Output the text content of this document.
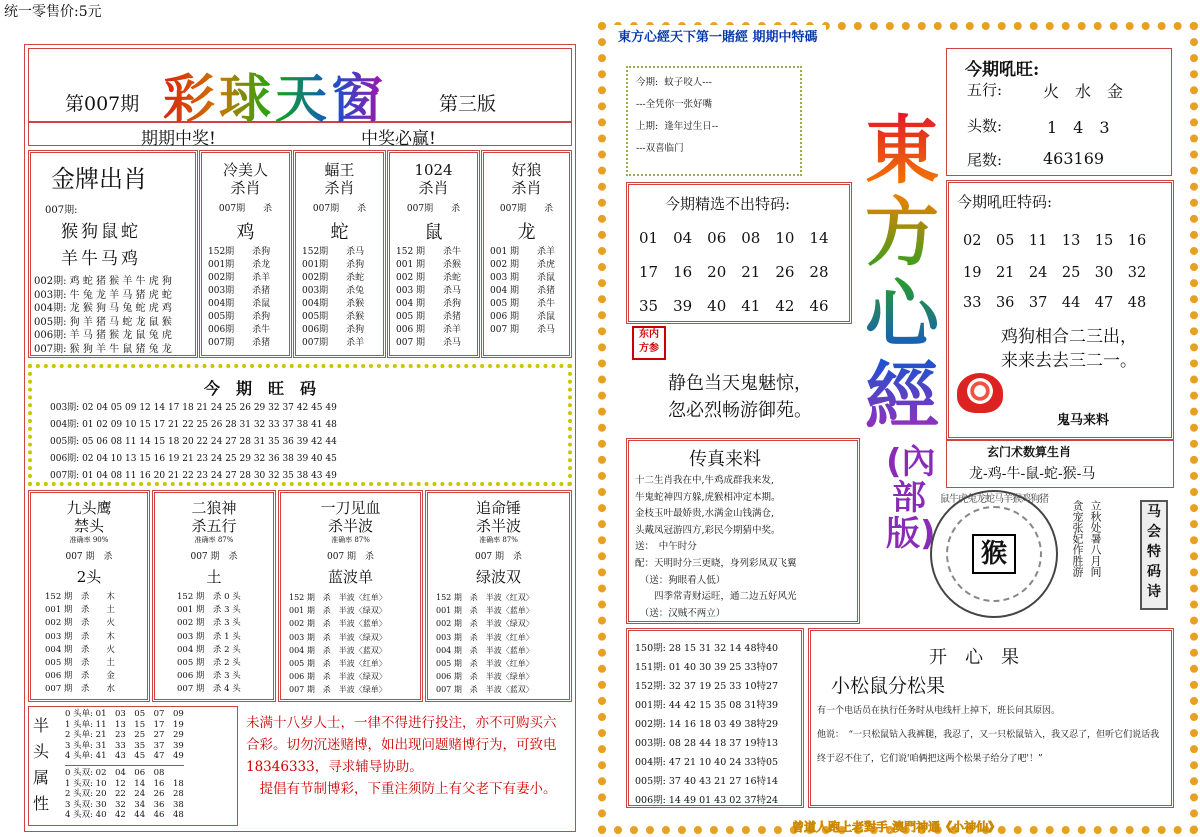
统一零售价:5元
第007期 彩球天窗	第三版
期期中奖!	中奖必赢!
金牌出肖
007期:
猴狗鼠蛇
羊牛马鸡
002期: 鸡 蛇 猪 猴 羊 牛 虎 狗
003期: 牛 兔 龙 羊 马 猪 虎 蛇
004期: 龙 猴 狗 马 兔 蛇 虎 鸡
005期: 狗 羊 猪 马 蛇 龙 鼠 猴
006期: 羊 马 猪 猴 龙 鼠 兔 虎
007期: 猴 狗 羊 牛 鼠 猪 兔 龙
冷美人
杀肖
007期　　杀
鸡
152期　　杀狗
001期　　杀龙
002期　　杀羊
003期　　杀猪
004期　　杀鼠
005期　　杀狗
006期　　杀牛
007期　　杀猪
蝠王
杀肖
007期　　杀
蛇
152期　　杀马
001期　　杀狗
002期　　杀蛇
003期　　杀兔
004期　　杀猴
005期　　杀猴
006期　　杀狗
007期　　杀羊
1024
杀肖
007期　　杀
鼠
152 期　　杀牛
001 期　　杀猴
002 期　　杀蛇
003 期　　杀马
004 期　　杀狗
005 期　　杀猪
006 期　　杀羊
007 期　　杀马
好狼
杀肖
007期　　杀
龙
001 期　　杀羊
002 期　　杀虎
003 期　　杀鼠
004 期　　杀猪
005 期　　杀牛
006 期　　杀鼠
007 期　　杀马
今　期　旺　码
003期: 02 04 05 09 12 14 17 18 21 24 25 26 29 32 37 42 45 49
004期: 01 02 09 10 15 17 21 22 25 26 28 31 32 33 37 38 41 48
005期: 05 06 08 11 14 15 18 20 22 24 27 28 31 35 36 39 42 44
006期: 02 04 10 13 15 16 19 21 23 24 25 29 32 36 38 39 40 45
007期: 01 04 08 11 16 20 21 22 23 24 27 28 30 32 35 38 43 49
九头鹰
禁头
准确率 90%
007 期　杀
2头
152 期　杀　　木
001 期　杀　　土
002 期　杀　　火
003 期　杀　　木
004 期　杀　　火
005 期　杀　　土
006 期　杀　　金
007 期　杀　　水
二狼神
杀五行
准确率 87%
007 期　杀
土
152 期　杀 0 头
001 期　杀 3 头
002 期　杀 3 头
003 期　杀 1 头
004 期　杀 2 头
005 期　杀 2 头
006 期　杀 3 头
007 期　杀 4 头
一刀见血
杀半波
准确率 87%
007 期　杀
蓝波单
152 期　杀　半波〈红单〉
001 期　杀　半波〈绿双〉
002 期　杀　半波〈蓝单〉
003 期　杀　半波〈绿双〉
004 期　杀　半波〈蓝双〉
005 期　杀　半波〈红单〉
006 期　杀　半波〈绿双〉
007 期　杀　半波〈绿单〉
追命锤
杀半波
准确率 87%
007 期　杀
绿波双
152 期　杀　半波〈红双〉
001 期　杀　半波〈蓝单〉
002 期　杀　半波〈绿双〉
003 期　杀　半波〈红单〉
004 期　杀　半波〈蓝单〉
005 期　杀　半波〈红单〉
006 期　杀　半波〈绿单〉
007 期　杀　半波〈蓝双〉
半头属性
0 头单: 01　03　05　07　09
1 头单: 11　13　15　17　19
2 头单: 21　23　25　27　29
3 头单: 31　33　35　37　39
4 头单: 41　43　45　47　49
0 头双: 02　04　06　08
1 头双: 10　12　14　16　18
2 头双: 20　22　24　26　28
3 头双: 30　32　34　36　38
4 头双: 40　42　44　46　48
未满十八岁人士，一律不得进行投注，亦不可购买六合彩。切勿沉迷赌博，如出现问题赌博行为，可致电18346333，寻求辅导协助。
　提倡有节制博彩，下重注须防上有父老下有妻小。
東方心經天下第一賭經 期期中特碼
今期:  蚊子咬人---
---全凭你一张好嘴
上期:  逢年过生日--
---双喜临门	東方心經
(內部版)
今期吼旺:
五行:	火　水　金
头数:	1　4　3
尾数:	463169
今期精选不出特码:
01　04　06　08　10　14
17　16　20　21　26　28
35　39　40　41　42　46
今期吼旺特码:
02　05　11　13　15　16
19　21　24　25　30　32
33　36　37　44　47　48
鸡狗相合二三出，
来来去去三二一。
鬼马来料
东内
方参
静色当天鬼魅惊，
忽必烈畅游御苑。
玄门术数算生肖
龙-鸡-牛-鼠-蛇-猴-马
传真来料
十二生肖我在中,牛鸡成群我来发,
牛鬼蛇神四方躲,虎猴相冲定本期。
金枝玉叶最娇贵,水满金山钱满仓,
头戴凤冠游四方,彩民今期猜中奖。
送：　中午时分
配：天明时分三更晓，身列彩凤双飞翼
　（送：狗眼看人低）
　　四季常青财运旺，通二边五好风光
　（送：汉贼不两立）
鼠牛虎兔龙蛇马羊猴鸡狗猪
猴	立秋处暑八月间
贪宠张妃作胜游	马会特码诗
150期: 28 15 31 32 14 48特40
151期: 01 40 30 39 25 33特07
152期: 32 37 19 25 33 10特27
001期: 44 42 15 35 08 31特39
002期: 14 16 18 03 49 38特29
003期: 08 28 44 18 37 19特13
004期: 47 21 10 40 24 33特05
005期: 37 40 43 21 27 16特14
006期: 14 49 01 43 02 37特24
开　心　果
小松鼠分松果
有一个电话员在执行任务时从电线杆上掉下，班长问其原因。
他说：　“一只松鼠钻入我裤腿，我忍了，又一只松鼠钻入，我又忍了，但听它们说话我终于忍不住了，它们说'咱俩把这两个松果子给分了吧'！”
曾道人跑上老對手,澳門神通《小神仙》
